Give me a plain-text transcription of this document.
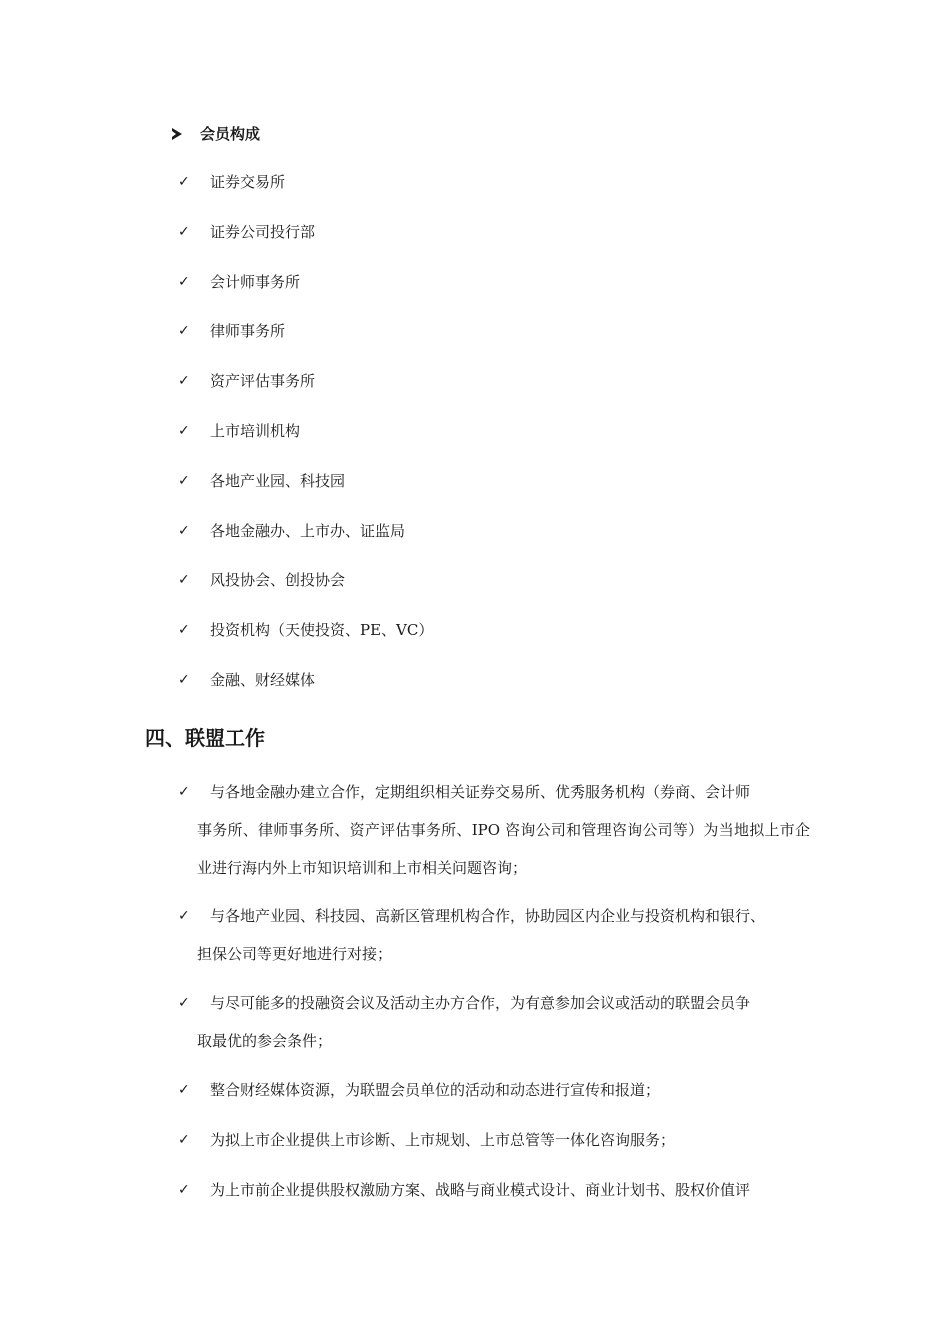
会员构成
✓	证券交易所
✓	证券公司投行部
✓	会计师事务所
✓	律师事务所
✓	资产评估事务所
✓	上市培训机构
✓	各地产业园、科技园
✓	各地金融办、上市办、证监局
✓	风投协会、创投协会
✓	投资机构（天使投资、PE、VC）
✓	金融、财经媒体
四、联盟工作
✓	与各地金融办建立合作，定期组织相关证券交易所、优秀服务机构（券商、会计师
事务所、律师事务所、资产评估事务所、IPO 咨询公司和管理咨询公司等）为当地拟上市企业进行海内外上市知识培训和上市相关问题咨询；
✓	与各地产业园、科技园、高新区管理机构合作，协助园区内企业与投资机构和银行、
担保公司等更好地进行对接；
✓	与尽可能多的投融资会议及活动主办方合作，为有意参加会议或活动的联盟会员争
取最优的参会条件；
✓	整合财经媒体资源，为联盟会员单位的活动和动态进行宣传和报道；
✓	为拟上市企业提供上市诊断、上市规划、上市总管等一体化咨询服务；
✓	为上市前企业提供股权激励方案、战略与商业模式设计、商业计划书、股权价值评
